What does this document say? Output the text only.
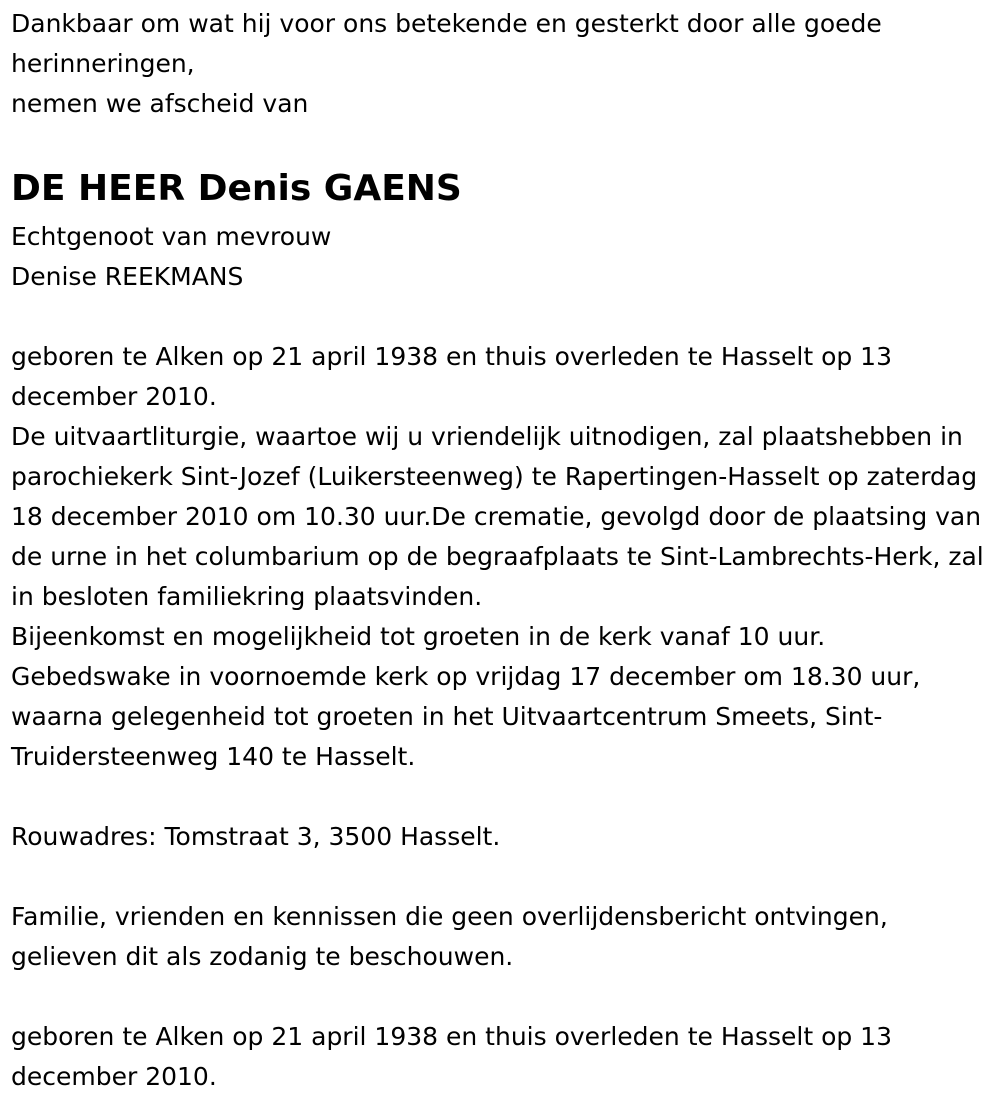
Dankbaar om wat hij voor ons betekende en gesterkt door alle goede herinneringen,

nemen we afscheid van

DE HEER Denis GAENS

Echtgenoot van mevrouw

Denise REEKMANS

geboren te Alken op 21 april 1938 en thuis overleden te Hasselt op 13 december 2010.

De uitvaartliturgie, waartoe wij u vriendelijk uitnodigen, zal plaatshebben in parochiekerk Sint-Jozef (Luikersteenweg) te Rapertingen-Hasselt op zaterdag 18 december 2010 om 10.30 uur.De crematie, gevolgd door de plaatsing van de urne in het columbarium op de begraafplaats te Sint-Lambrechts-Herk, zal in besloten familiekring plaatsvinden.

Bijeenkomst en mogelijkheid tot groeten in de kerk vanaf 10 uur.

Gebedswake in voornoemde kerk op vrijdag 17 december om 18.30 uur, waarna gelegenheid tot groeten in het Uitvaartcentrum Smeets, Sint-Truidersteenweg 140 te Hasselt.

Rouwadres: Tomstraat 3, 3500 Hasselt.

Familie, vrienden en kennissen die geen overlijdensbericht ontvingen, gelieven dit als zodanig te beschouwen.

geboren te Alken op 21 april 1938 en thuis overleden te Hasselt op 13 december 2010.
